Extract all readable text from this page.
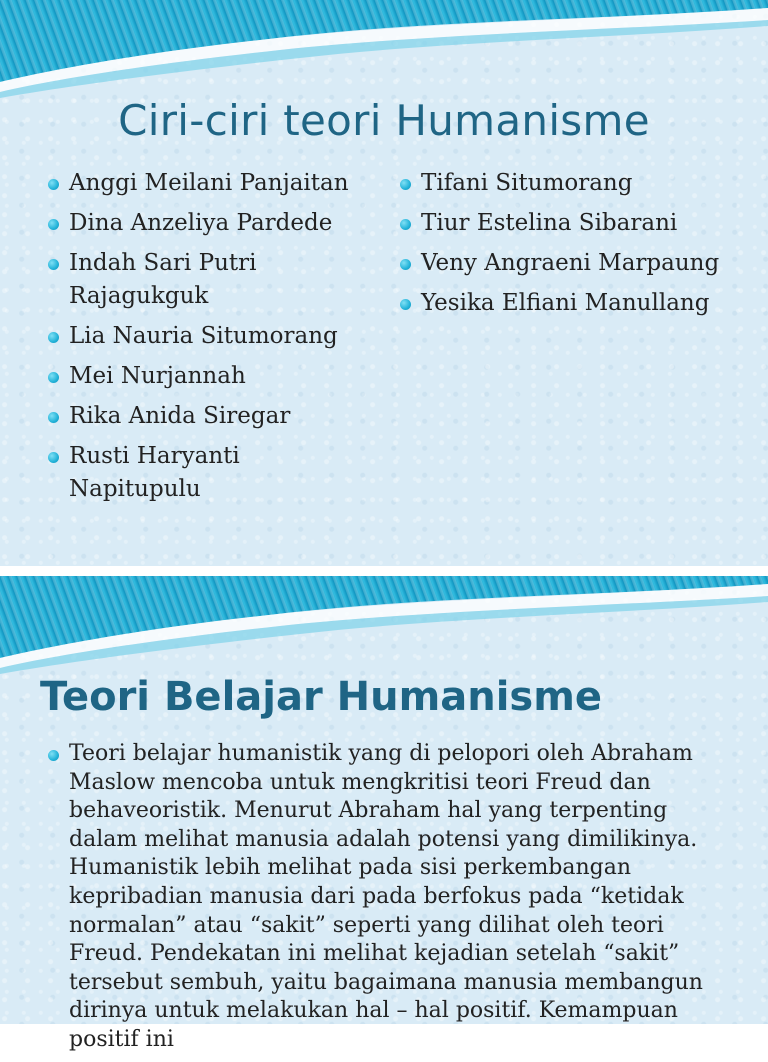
Ciri-ciri teori Humanisme
Anggi Meilani Panjaitan
Dina Anzeliya Pardede
Indah Sari Putri Rajagukguk
Lia Nauria Situmorang
Mei Nurjannah
Rika Anida Siregar
Rusti Haryanti Napitupulu
Tifani Situmorang
Tiur Estelina Sibarani
Veny Angraeni Marpaung
Yesika Elfiani Manullang
Teori Belajar Humanisme
Teori belajar humanistik yang di pelopori oleh Abraham Maslow mencoba untuk mengkritisi teori Freud dan behaveoristik. Menurut Abraham hal yang terpenting dalam melihat manusia adalah potensi yang dimilikinya. Humanistik lebih melihat pada sisi perkembangan kepribadian manusia dari pada berfokus pada “ketidak normalan” atau “sakit” seperti yang dilihat oleh teori Freud. Pendekatan ini melihat kejadian setelah “sakit” tersebut sembuh, yaitu bagaimana manusia membangun dirinya untuk melakukan hal – hal positif. Kemampuan positif ini
